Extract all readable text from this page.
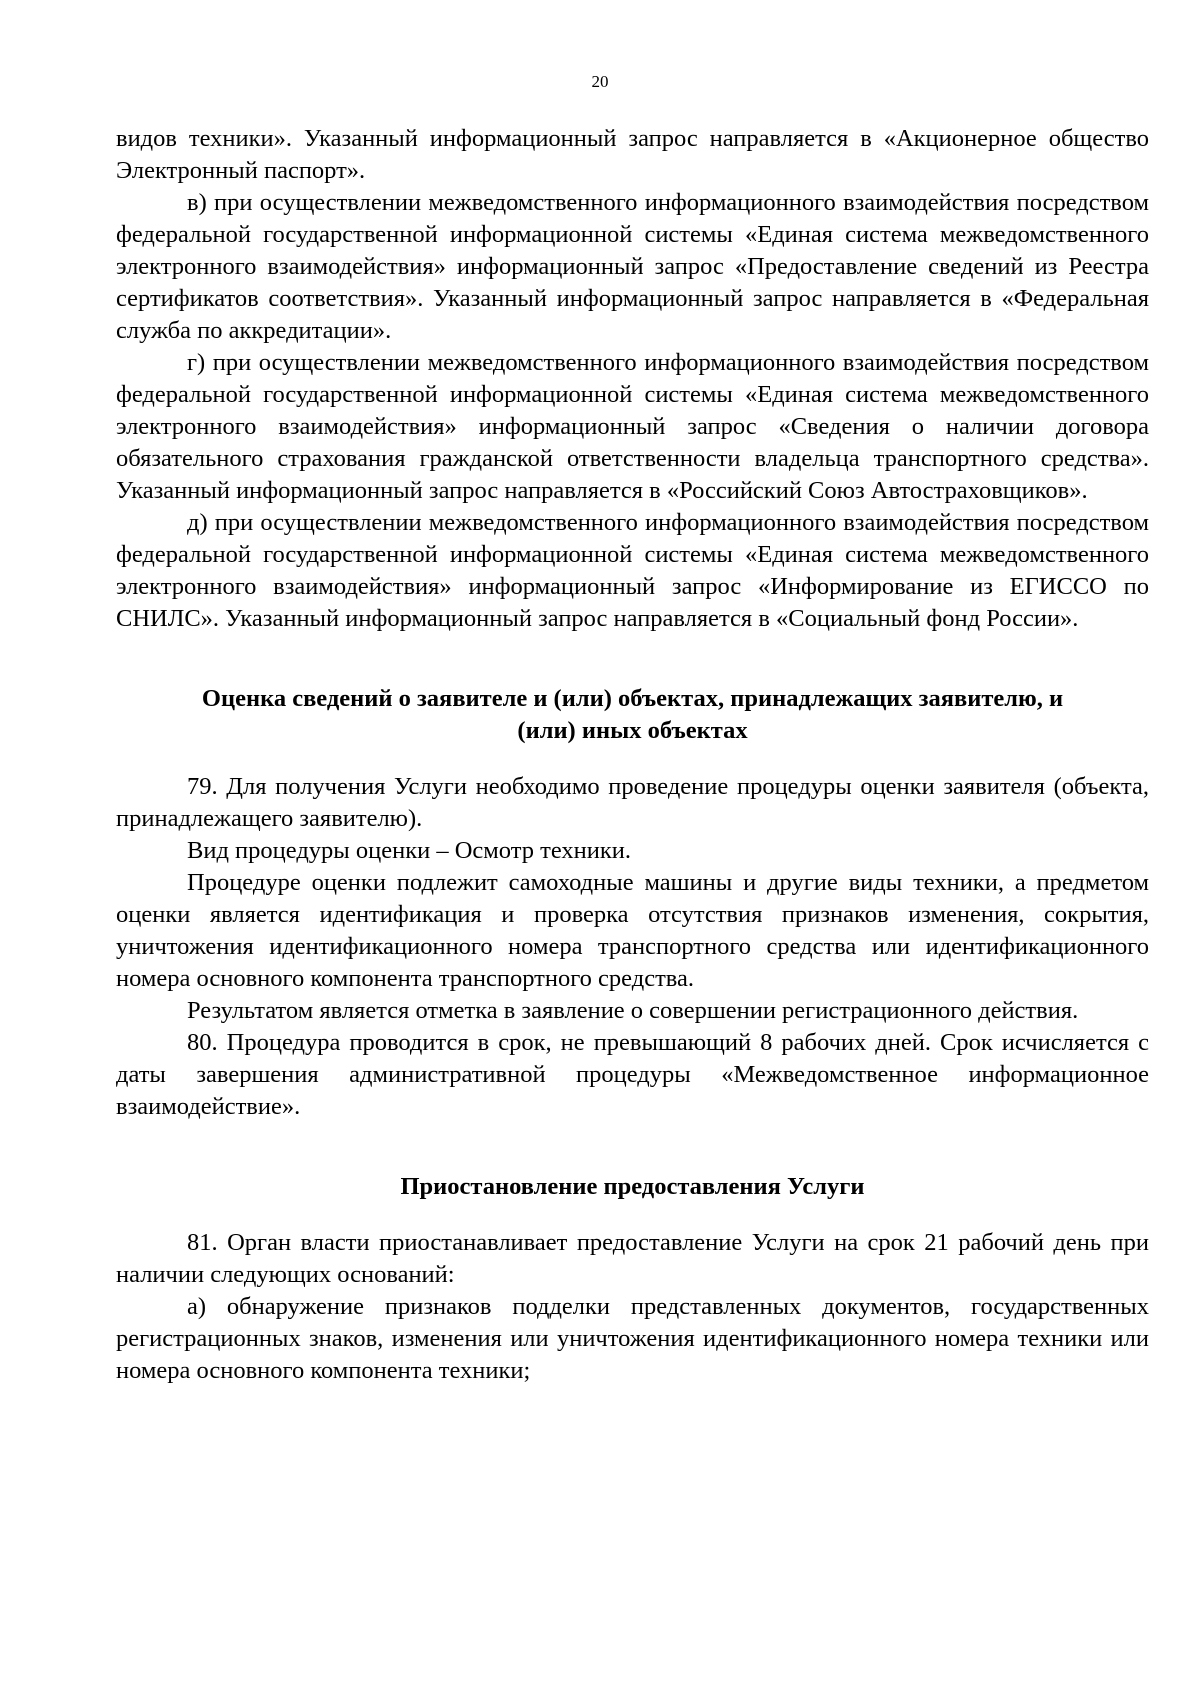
20

видов техники». Указанный информационный запрос направляется в «Акционерное общество Электронный паспорт».

в) при осуществлении межведомственного информационного взаимодействия посредством федеральной государственной информационной системы «Единая система межведомственного электронного взаимодействия» информационный запрос «Предоставление сведений из Реестра сертификатов соответствия». Указанный информационный запрос направляется в «Федеральная служба по аккредитации».

г) при осуществлении межведомственного информационного взаимодействия посредством федеральной государственной информационной системы «Единая система межведомственного электронного взаимодействия» информационный запрос «Сведения о наличии договора обязательного страхования гражданской ответственности владельца транспортного средства». Указанный информационный запрос направляется в «Российский Союз Автостраховщиков».

д) при осуществлении межведомственного информационного взаимодействия посредством федеральной государственной информационной системы «Единая система межведомственного электронного взаимодействия» информационный запрос «Информирование из ЕГИССО по СНИЛС». Указанный информационный запрос направляется в «Социальный фонд России».

Оценка сведений о заявителе и (или) объектах, принадлежащих заявителю, и
(или) иных объектах

79. Для получения Услуги необходимо проведение процедуры оценки заявителя (объекта, принадлежащего заявителю).

Вид процедуры оценки – Осмотр техники.

Процедуре оценки подлежит самоходные машины и другие виды техники, а предметом оценки является идентификация и проверка отсутствия признаков изменения, сокрытия, уничтожения идентификационного номера транспортного средства или идентификационного номера основного компонента транспортного средства.

Результатом является отметка в заявление о совершении регистрационного действия.

80. Процедура проводится в срок, не превышающий 8 рабочих дней. Срок исчисляется с даты завершения административной процедуры «Межведомственное информационное взаимодействие».

Приостановление предоставления Услуги

81. Орган власти приостанавливает предоставление Услуги на срок 21 рабочий день при наличии следующих оснований:

а) обнаружение признаков подделки представленных документов, государственных регистрационных знаков, изменения или уничтожения идентификационного номера техники или номера основного компонента техники;
